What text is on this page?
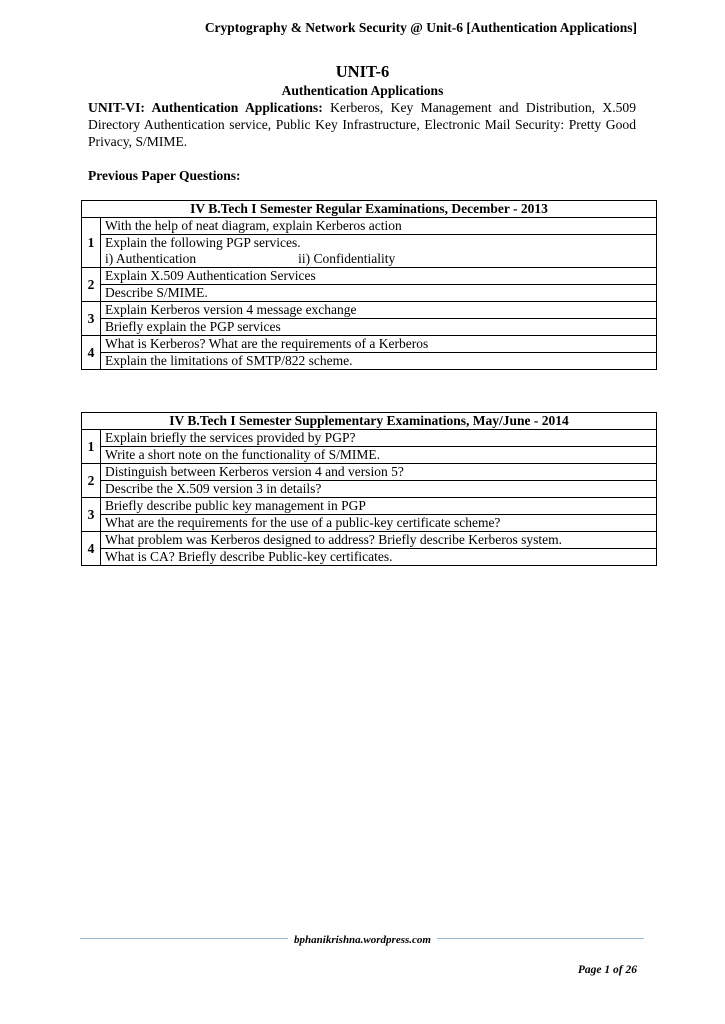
Cryptography & Network Security @ Unit-6 [Authentication Applications]
UNIT-6
Authentication Applications
UNIT-VI: Authentication Applications: Kerberos, Key Management and Distribution, X.509 Directory Authentication service, Public Key Infrastructure, Electronic Mail Security: Pretty Good Privacy, S/MIME.
Previous Paper Questions:
IV B.Tech I Semester Regular Examinations, December - 2013	
1	With the help of neat diagram, explain Kerberos action

	Explain the following PGP services.
i) Authentication ii) Confidentiality

2	Explain X.509 Authentication Services
	Describe S/MIME.
3	Explain Kerberos version 4 message exchange
	Briefly explain the PGP services
4	What is Kerberos? What are the requirements of a Kerberos
	Explain the limitations of SMTP/822 scheme.
IV B.Tech I Semester Supplementary Examinations, May/June - 2014	
1	Explain briefly the services provided by PGP?
	Write a short note on the functionality of S/MIME.
2	Distinguish between Kerberos version 4 and version 5?
	Describe the X.509 version 3 in details?
3	Briefly describe public key management in PGP
	What are the requirements for the use of a public-key certificate scheme?
4	What problem was Kerberos designed to address? Briefly describe Kerberos system.
	What is CA? Briefly describe Public-key certificates.
bphanikrishna.wordpress.com
Page 1 of 26
